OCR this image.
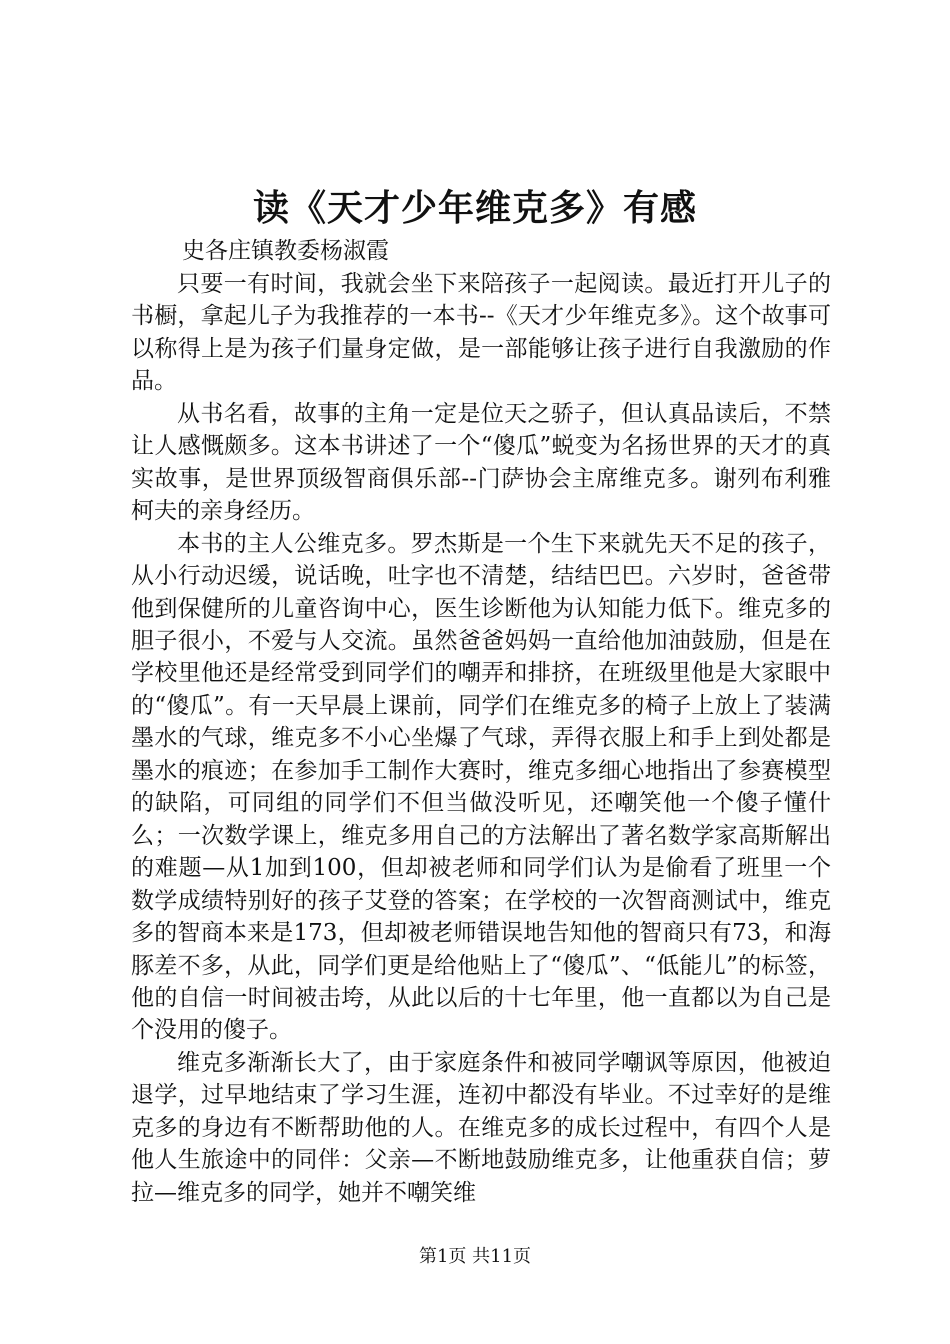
读《天才少年维克多》有感
史各庄镇教委杨淑霞

只要一有时间，我就会坐下来陪孩子一起阅读。最近打开儿子的书橱，拿起儿子为我推荐的一本书--《天才少年维克多》。这个故事可以称得上是为孩子们量身定做，是一部能够让孩子进行自我激励的作品。

从书名看，故事的主角一定是位天之骄子，但认真品读后，不禁让人感慨颇多。这本书讲述了一个“傻瓜”蜕变为名扬世界的天才的真实故事，是世界顶级智商俱乐部--门萨协会主席维克多。谢列布利雅柯夫的亲身经历。

本书的主人公维克多。罗杰斯是一个生下来就先天不足的孩子，从小行动迟缓，说话晚，吐字也不清楚，结结巴巴。六岁时，爸爸带他到保健所的儿童咨询中心，医生诊断他为认知能力低下。维克多的胆子很小，不爱与人交流。虽然爸爸妈妈一直给他加油鼓励，但是在学校里他还是经常受到同学们的嘲弄和排挤，在班级里他是大家眼中的“傻瓜”。有一天早晨上课前，同学们在维克多的椅子上放上了装满墨水的气球，维克多不小心坐爆了气球，弄得衣服上和手上到处都是墨水的痕迹；在参加手工制作大赛时，维克多细心地指出了参赛模型的缺陷，可同组的同学们不但当做没听见，还嘲笑他一个傻子懂什么；一次数学课上，维克多用自己的方法解出了著名数学家高斯解出的难题—从1加到100，但却被老师和同学们认为是偷看了班里一个数学成绩特别好的孩子艾登的答案；在学校的一次智商测试中，维克多的智商本来是173，但却被老师错误地告知他的智商只有73，和海豚差不多，从此，同学们更是给他贴上了“傻瓜”、“低能儿”的标签，他的自信一时间被击垮，从此以后的十七年里，他一直都以为自己是个没用的傻子。

维克多渐渐长大了，由于家庭条件和被同学嘲讽等原因，他被迫退学，过早地结束了学习生涯，连初中都没有毕业。不过幸好的是维克多的身边有不断帮助他的人。在维克多的成长过程中，有四个人是他人生旅途中的同伴：父亲—不断地鼓励维克多，让他重获自信；萝拉—维克多的同学，她并不嘲笑维

第1页 共11页
